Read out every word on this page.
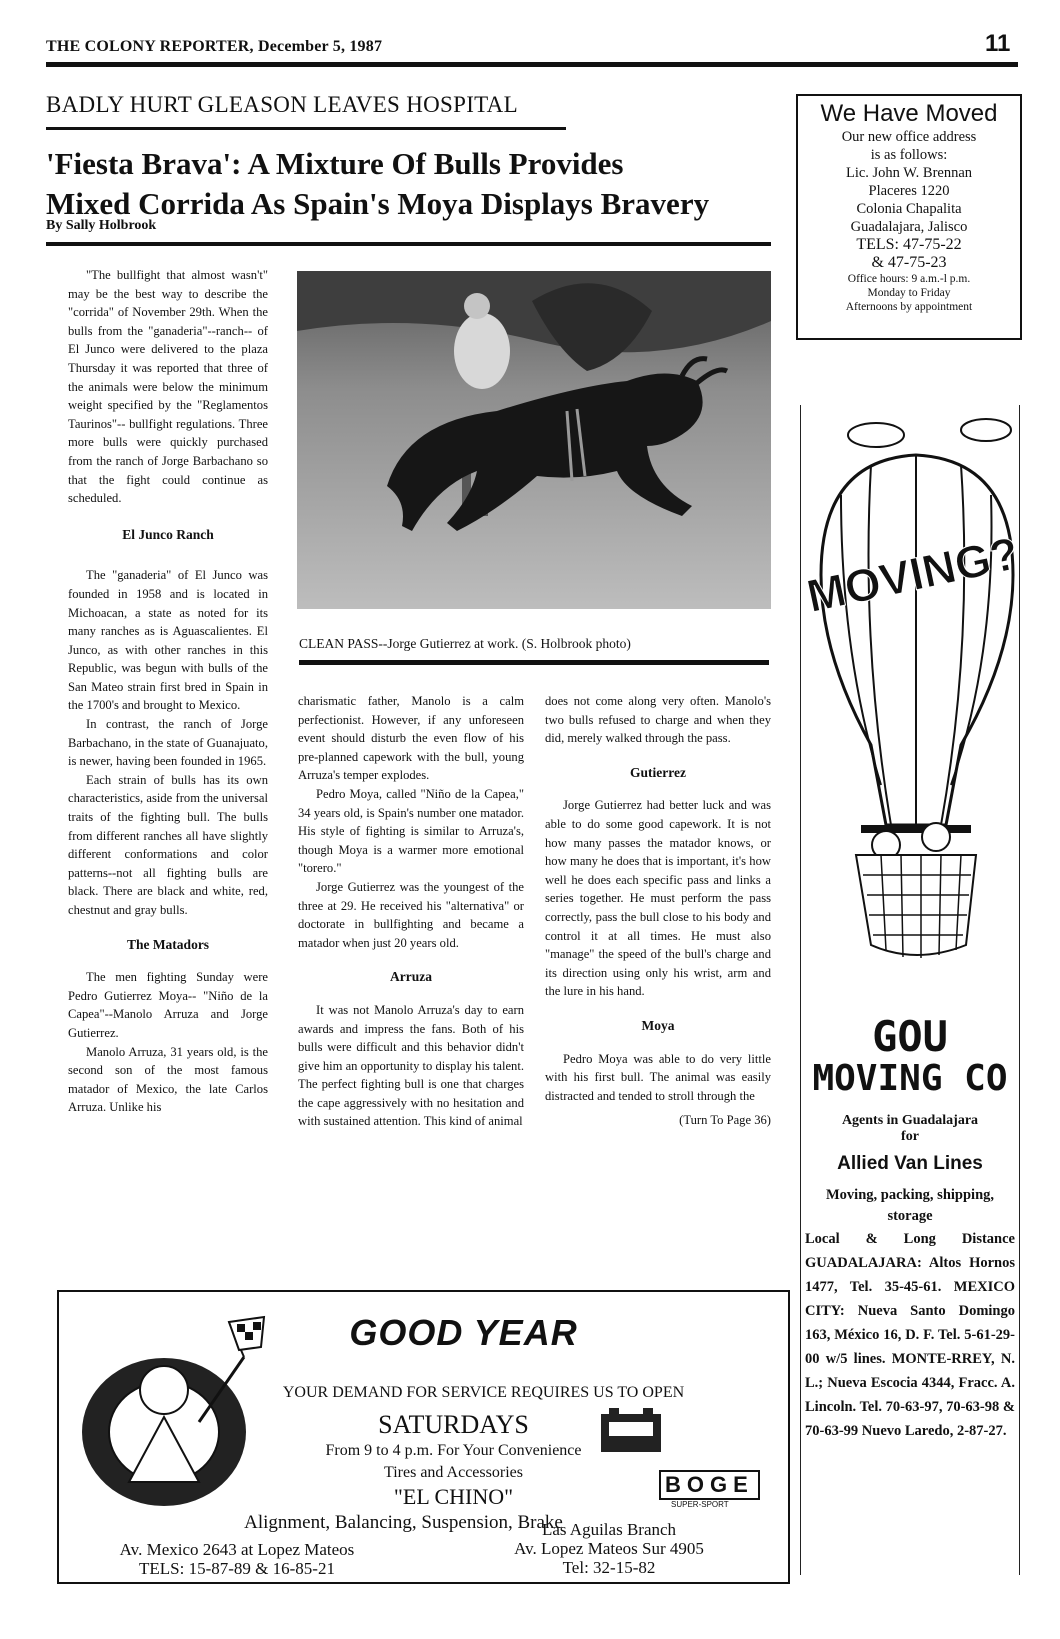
THE COLONY REPORTER, December 5, 1987	11
BADLY HURT GLEASON LEAVES HOSPITAL
'Fiesta Brava': A Mixture Of Bulls Provides
Mixed Corrida As Spain's Moya Displays Bravery
By Sally Holbrook

"The bullfight that almost wasn't" may be the best way to describe the "corrida" of November 29th. When the bulls from the "ganaderia"--ranch-- of El Junco were delivered to the plaza Thursday it was reported that three of the animals were below the minimum weight specified by the "Reglamentos Taurinos"-- bullfight regulations. Three more bulls were quickly purchased from the ranch of Jorge Barbachano so that the fight could continue as scheduled.

El Junco Ranch

The "ganaderia" of El Junco was founded in 1958 and is located in Michoacan, a state as noted for its many ranches as is Aguascalientes. El Junco, as with other ranches in this Republic, was begun with bulls of the San Mateo strain first bred in Spain in the 1700's and brought to Mexico.

In contrast, the ranch of Jorge Barbachano, in the state of Guanajuato, is newer, having been founded in 1965.

Each strain of bulls has its own characteristics, aside from the universal traits of the fighting bull. The bulls from different ranches all have slightly different conformations and color patterns--not all fighting bulls are black. There are black and white, red, chestnut and gray bulls.

The Matadors

The men fighting Sunday were Pedro Gutierrez Moya-- "Niño de la Capea"--Manolo Arruza and Jorge Gutierrez.

Manolo Arruza, 31 years old, is the second son of the most famous matador of Mexico, the late Carlos Arruza. Unlike his

CLEAN PASS--Jorge Gutierrez at work. (S. Holbrook photo)

charismatic father, Manolo is a calm perfectionist. However, if any unforeseen event should disturb the even flow of his pre-planned capework with the bull, young Arruza's temper explodes.

Pedro Moya, called "Niño de la Capea," 34 years old, is Spain's number one matador. His style of fighting is similar to Arruza's, though Moya is a warmer more emotional "torero."

Jorge Gutierrez was the youngest of the three at 29. He received his "alternativa" or doctorate in bullfighting and became a matador when just 20 years old.

Arruza

It was not Manolo Arruza's day to earn awards and impress the fans. Both of his bulls were difficult and this behavior didn't give him an opportunity to display his talent. The perfect fighting bull is one that charges the cape aggressively with no hesitation and with sustained attention. This kind of animal

does not come along very often. Manolo's two bulls refused to charge and when they did, merely walked through the pass.

Gutierrez

Jorge Gutierrez had better luck and was able to do some good capework. It is not how many passes the matador knows, or how many he does that is important, it's how well he does each specific pass and links a series together. He must perform the pass correctly, pass the bull close to his body and control it at all times. He must also "manage" the speed of the bull's charge and its direction using only his wrist, arm and the lure in his hand.

Moya

Pedro Moya was able to do very little with his first bull. The animal was easily distracted and tended to stroll through the

(Turn To Page 36)
We Have Moved
Our new office address
is as follows:
Lic. John W. Brennan
Placeres 1220
Colonia Chapalita
Guadalajara, Jalisco
TELS: 47-75-22
& 47-75-23
Office hours: 9 a.m.-l p.m.
Monday to Friday
Afternoons by appointment
MOVING?
GOU
MOVING CO
Agents in Guadalajara
for
Allied Van Lines
Moving, packing, shipping, storage
Local & Long Distance GUADALAJARA: Altos Hornos 1477, Tel. 35-45-61. MEXICO CITY: Nueva Santo Domingo 163, México 16, D. F. Tel. 5-61-29-00 w/5 lines. MONTE-RREY, N. L.; Nueva Escocia 4344, Fracc. A. Lincoln. Tel. 70-63-97, 70-63-98 & 70-63-99 Nuevo Laredo, 2-87-27.
GOOD YEAR
YOUR DEMAND FOR SERVICE REQUIRES US TO OPEN
SATURDAYS
From 9 to 4 p.m. For Your Convenience
Tires and Accessories
"EL CHINO"
Alignment, Balancing, Suspension, Brake
Av. Mexico 2643 at Lopez Mateos
TELS: 15-87-89 & 16-85-21
Las Aguilas Branch
Av. Lopez Mateos Sur 4905
Tel: 32-15-82
BOGE
SUPER-SPORT
